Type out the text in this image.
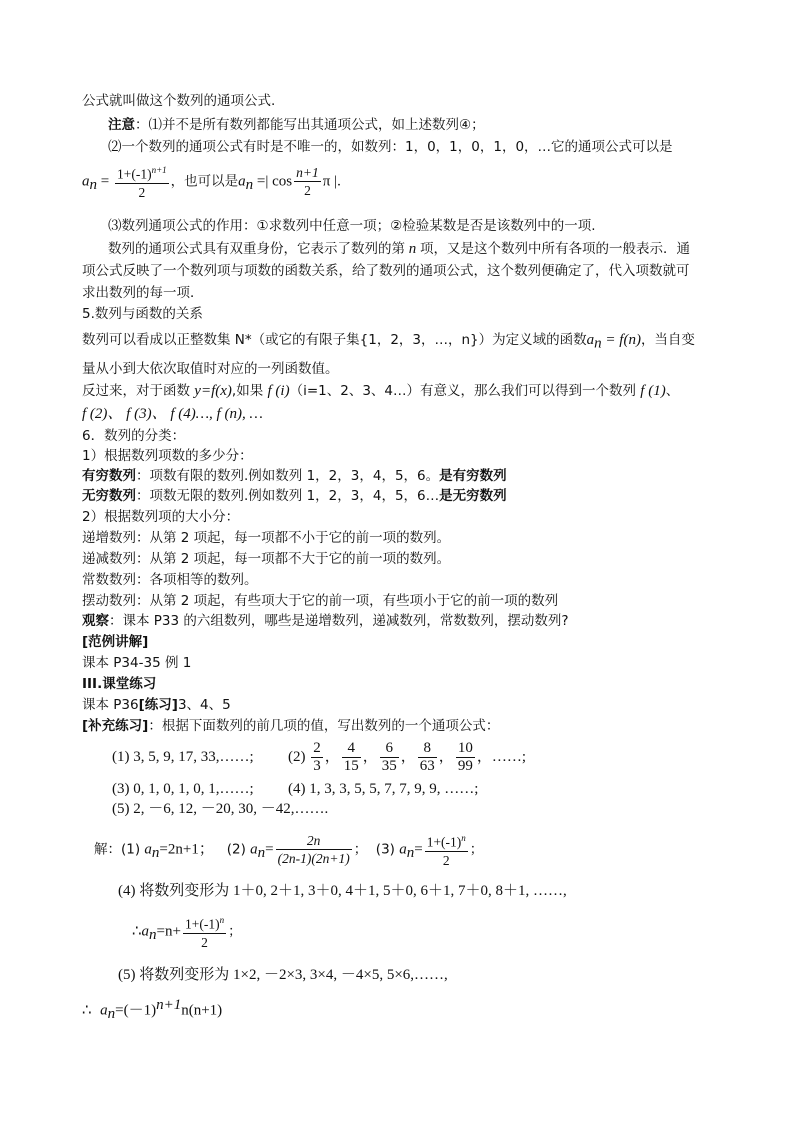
公式就叫做这个数列的通项公式.
注意：⑴并不是所有数列都能写出其通项公式，如上述数列④；
⑵一个数列的通项公式有时是不唯一的，如数列：1，0，1，0，1，0，…它的通项公式可以是
$a_n = \frac{1+(-1)^{n+1}}{2}$ ，也可以是$a_n$ =| $\cos \frac{n+1}{2}$ π |.
⑶数列通项公式的作用：①求数列中任意一项；②检验某数是否是该数列中的一项.
数列的通项公式具有双重身份，它表示了数列的第 n 项，又是这个数列中所有各项的一般表示．通
项公式反映了一个数列项与项数的函数关系，给了数列的通项公式，这个数列便确定了，代入项数就可
求出数列的每一项．
5.数列与函数的关系
数列可以看成以正整数集 N*（或它的有限子集{1，2，3，…，n}）为定义域的函数$a_n = f(n)$，当自变
量从小到大依次取值时对应的一列函数值。
反过来，对于函数 y=f(x),如果 f (i)（i=1、2、3、4…）有意义，那么我们可以得到一个数列 f (1)、
f (2)、 f (3)、 f (4)…, f (n), …
6．数列的分类：
1）根据数列项数的多少分：
有穷数列：项数有限的数列.例如数列 1，2，3，4，5，6。是有穷数列
无穷数列：项数无限的数列.例如数列 1，2，3，4，5，6…是无穷数列
2）根据数列项的大小分：
递增数列：从第 2 项起，每一项都不小于它的前一项的数列。
递减数列：从第 2 项起，每一项都不大于它的前一项的数列。
常数数列：各项相等的数列。
摆动数列：从第 2 项起，有些项大于它的前一项，有些项小于它的前一项的数列
观察：课本 P33 的六组数列，哪些是递增数列，递减数列，常数数列，摆动数列?
[范例讲解]
课本 P34-35 例 1
III.课堂练习
课本 P36[练习]3、4、5
[补充练习]：根据下面数列的前几项的值，写出数列的一个通项公式：
(1) 3, 5, 9, 17, 33,……; $(2) \frac{2}{3}$ ， $\frac{4}{15}$ ， $\frac{6}{35}$ ， $\frac{8}{63}$ ， $\frac{10}{99}$ ，……;
(3) 0, 1, 0, 1, 0, 1,……; (4) 1, 3, 3, 5, 5, 7, 7, 9, 9, ……;
(5) 2, －6, 12, －20, 30, －42,…….
解：(1) $a_n=2n+1$； (2) $a_n= \frac{2n}{(2n-1)(2n+1)}$ ； (3) $a_n= \frac{1+(-1)^n}{2}$ ；
(4) 将数列变形为 1＋0, 2＋1, 3＋0, 4＋1, 5＋0, 6＋1, 7＋0, 8＋1, ……,
$\therefore a_n=n+ \frac{1+(-1)^n}{2}$ ；
(5) 将数列变形为 1×2, －2×3, 3×4, －4×5, 5×6,……,
∴ $a_n=(-1)^{n+1}n(n+1)$
